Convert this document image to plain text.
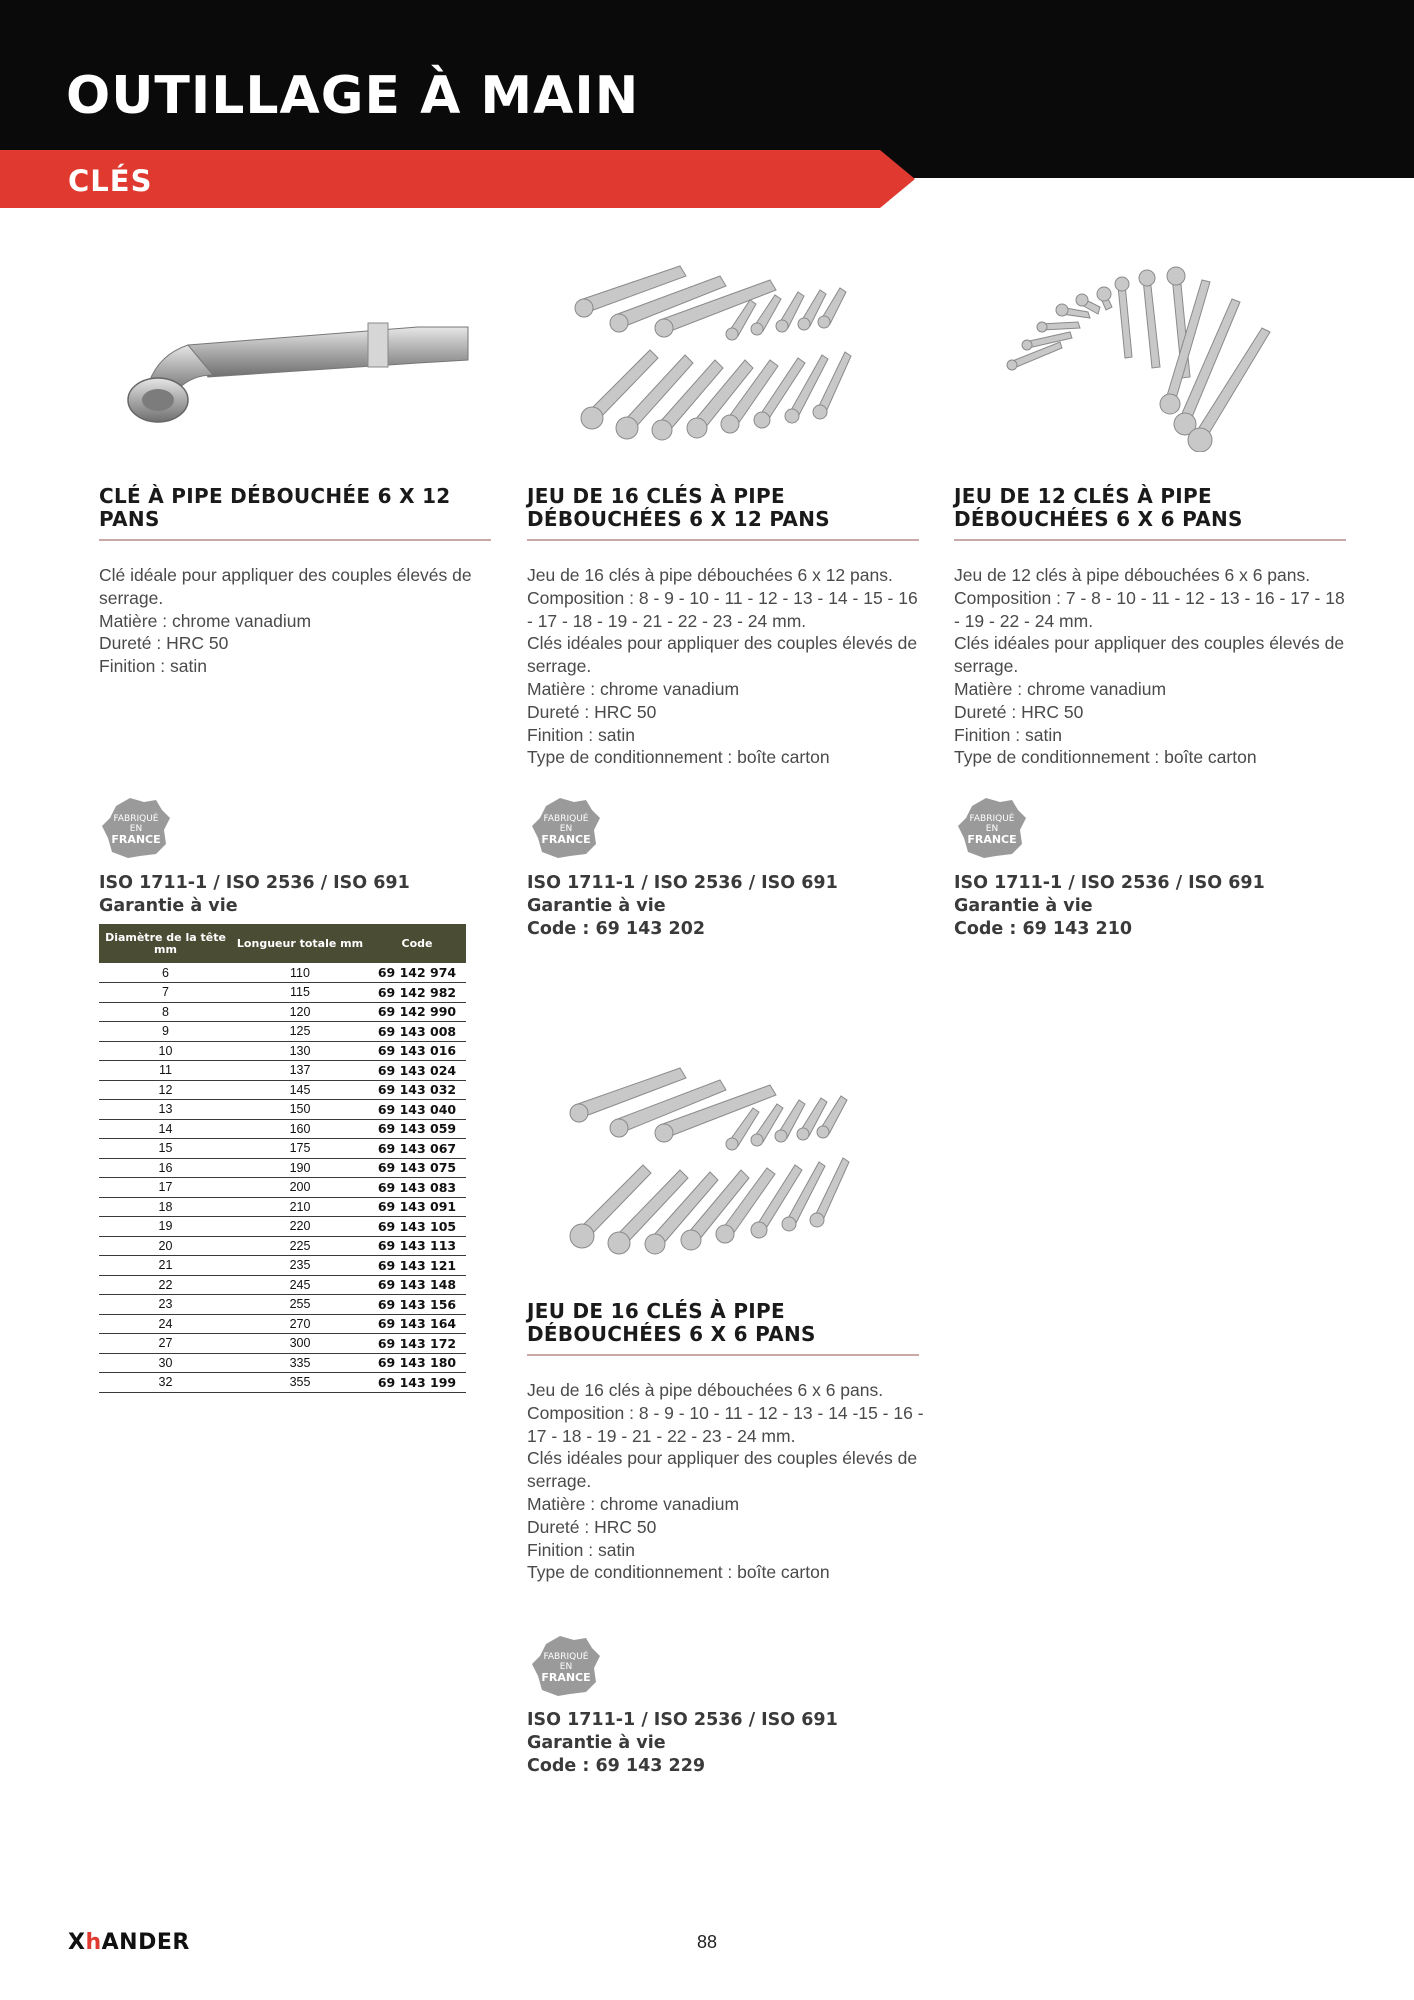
OUTILLAGE À MAIN
CLÉS
CLÉ À PIPE DÉBOUCHÉE 6 X 12 PANS

Clé idéale pour appliquer des couples élevés de serrage.

Matière : chrome vanadium

Dureté : HRC 50

Finition : satin

JEU DE 16 CLÉS À PIPE DÉBOUCHÉES 6 X 12 PANS

Jeu de 16 clés à pipe débouchées 6 x 12 pans.

Composition : 8 - 9 - 10 - 11 - 12 - 13 - 14 - 15 - 16 - 17 - 18 - 19 - 21 - 22 - 23 - 24 mm.

Clés idéales pour appliquer des couples élevés de serrage.

Matière : chrome vanadium

Dureté : HRC 50

Finition : satin

Type de conditionnement : boîte carton

JEU DE 12 CLÉS À PIPE DÉBOUCHÉES 6 X 6 PANS

Jeu de 12 clés à pipe débouchées 6 x 6 pans.

Composition : 7 - 8 - 10 - 11 - 12 - 13 - 16 - 17 - 18 - 19 - 22 - 24 mm.

Clés idéales pour appliquer des couples élevés de serrage.

Matière : chrome vanadium

Dureté : HRC 50

Finition : satin

Type de conditionnement : boîte carton

JEU DE 16 CLÉS À PIPE DÉBOUCHÉES 6 X 6 PANS

Jeu de 16 clés à pipe débouchées 6 x 6 pans.

Composition : 8 - 9 - 10 - 11 - 12 - 13 - 14 -15 - 16 - 17 - 18 - 19 - 21 - 22 - 23 - 24 mm.

Clés idéales pour appliquer des couples élevés de serrage.

Matière : chrome vanadium

Dureté : HRC 50

Finition : satin

Type de conditionnement : boîte carton

FABRIQUÉ
EN
FRANCE
FABRIQUÉ
EN
FRANCE
FABRIQUÉ
EN
FRANCE
FABRIQUÉ
EN
FRANCE
ISO 1711-1 / ISO 2536 / ISO 691
Garantie à vie
ISO 1711-1 / ISO 2536 / ISO 691
Garantie à vie
Code : 69 143 202
ISO 1711-1 / ISO 2536 / ISO 691
Garantie à vie
Code : 69 143 210
ISO 1711-1 / ISO 2536 / ISO 691
Garantie à vie
Code : 69 143 229
Diamètre de la tête mm	Longueur totale mm	Code
6	110	69 142 974
7	115	69 142 982
8	120	69 142 990
9	125	69 143 008
10	130	69 143 016
11	137	69 143 024
12	145	69 143 032
13	150	69 143 040
14	160	69 143 059
15	175	69 143 067
16	190	69 143 075
17	200	69 143 083
18	210	69 143 091
19	220	69 143 105
20	225	69 143 113
21	235	69 143 121
22	245	69 143 148
23	255	69 143 156
24	270	69 143 164
27	300	69 143 172
30	335	69 143 180
32	355	69 143 199
XhANDER	88
